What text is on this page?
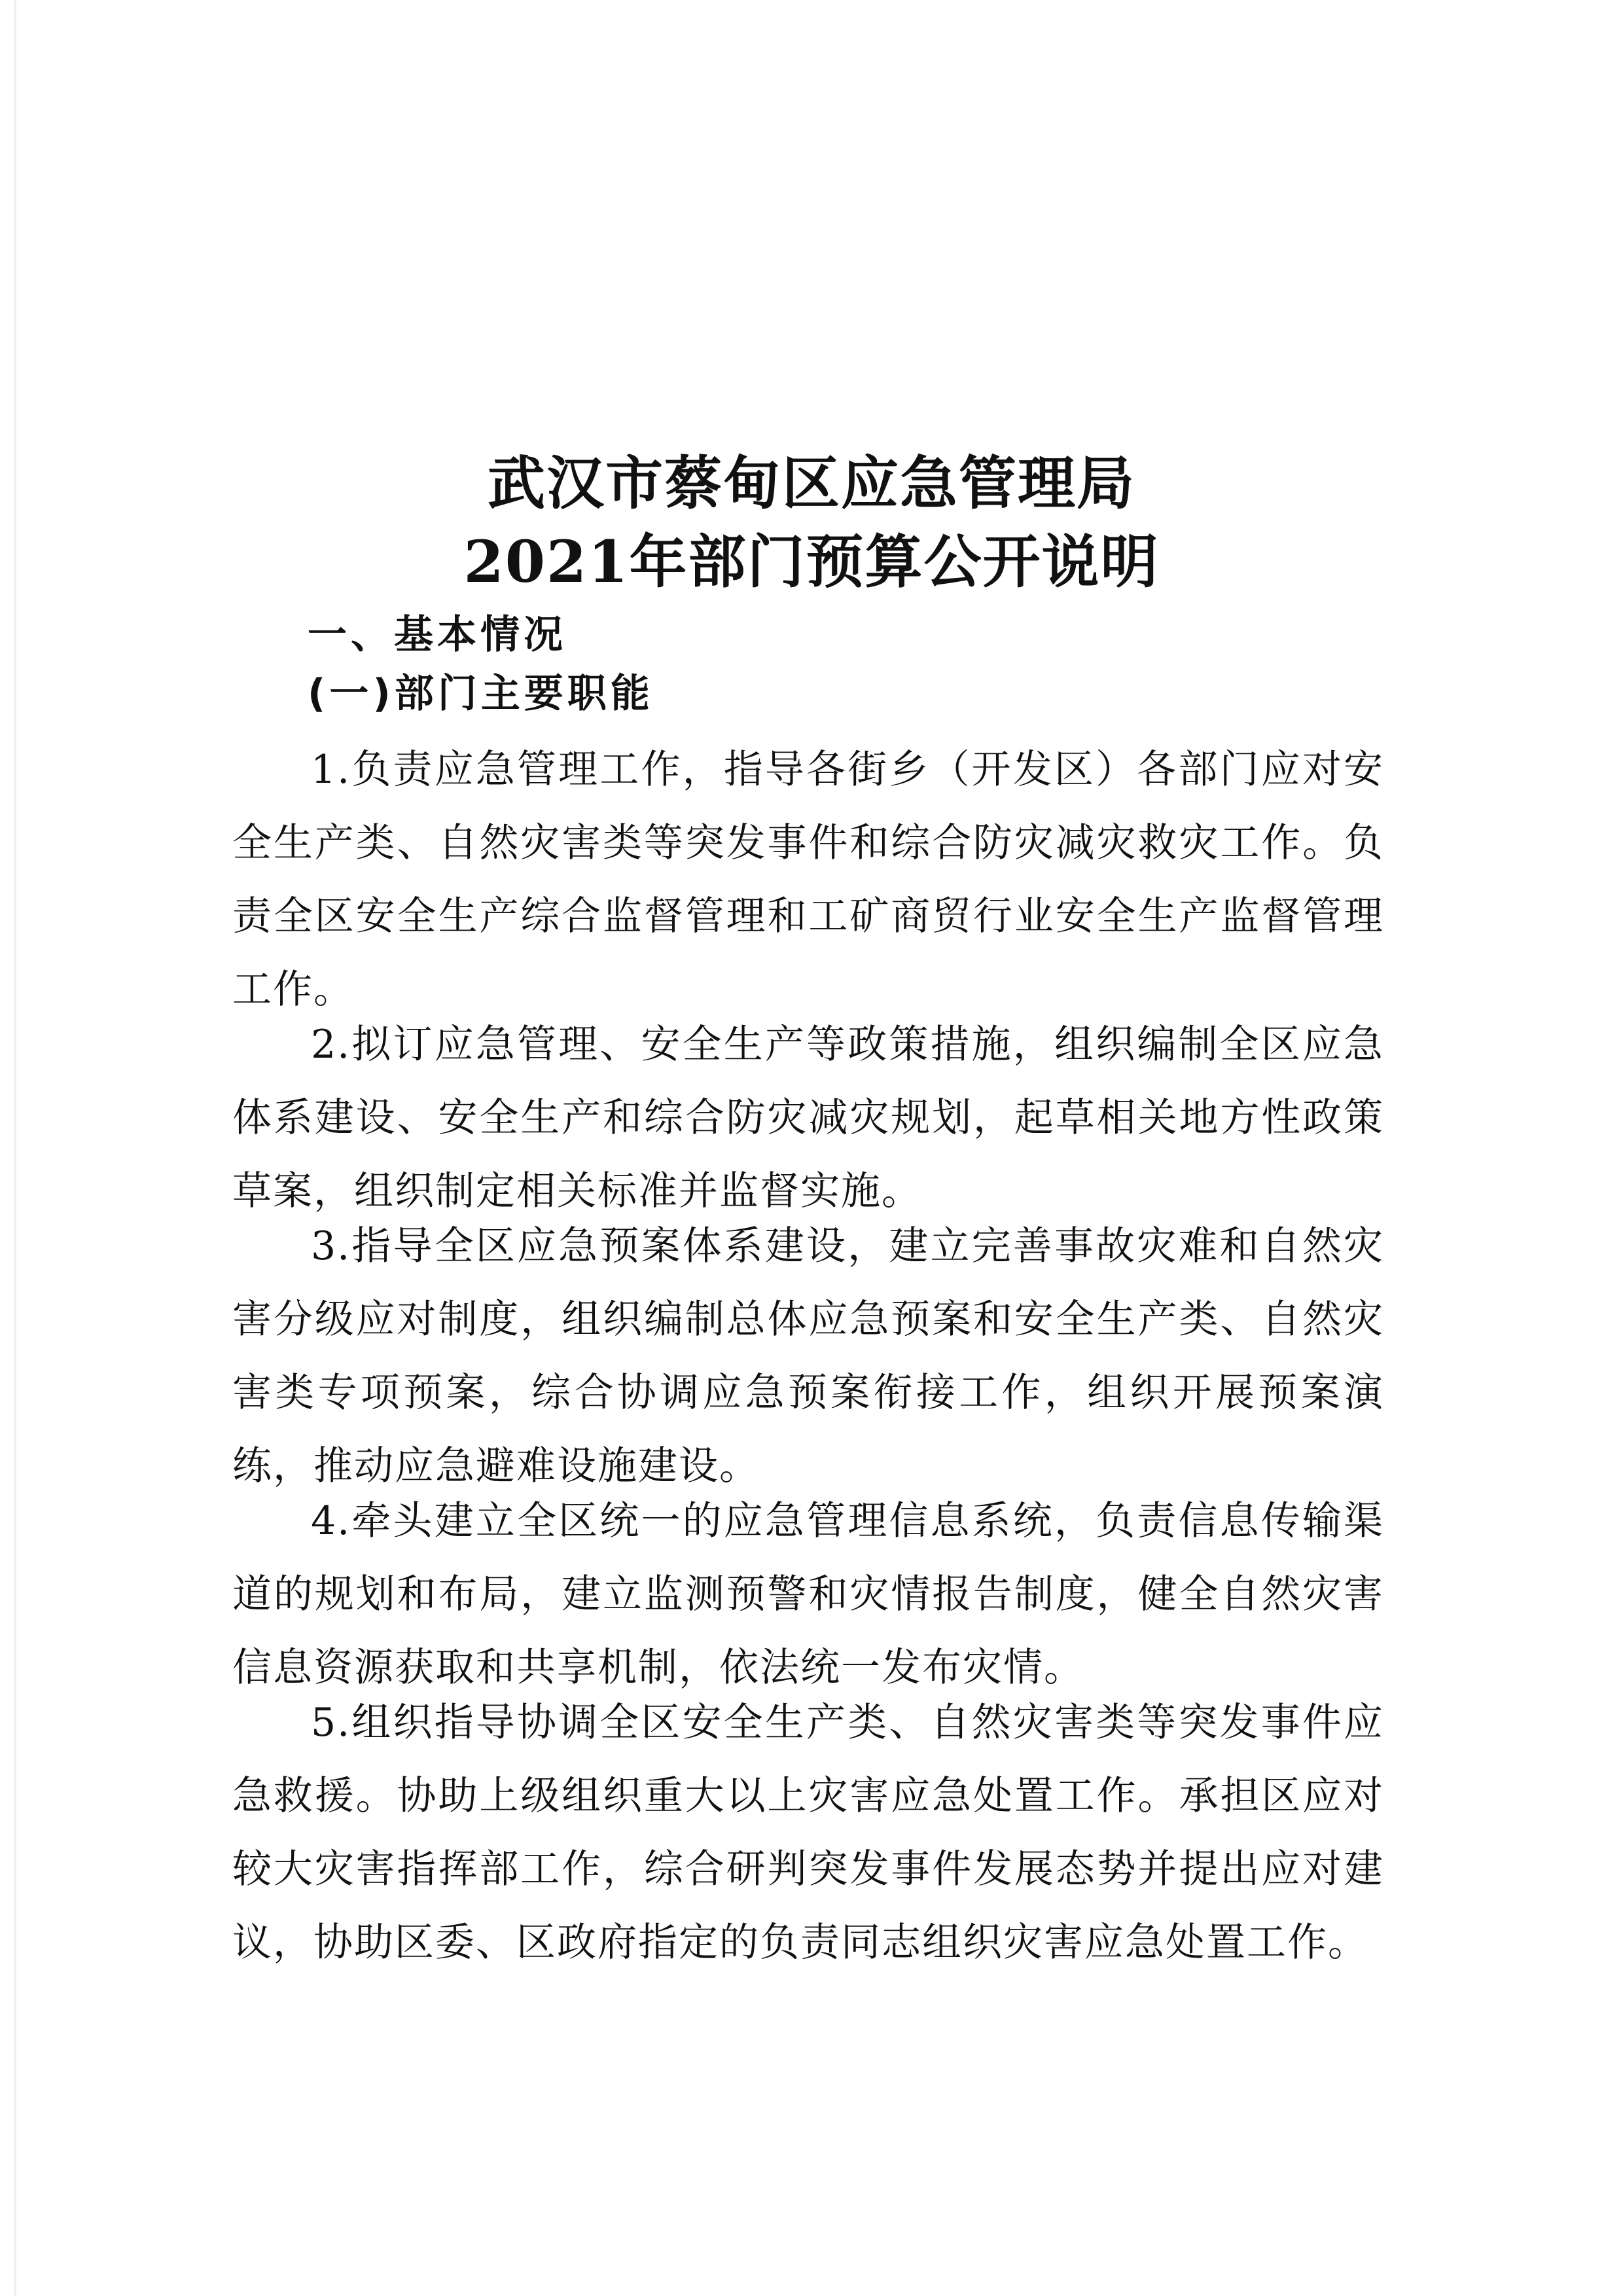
武汉市蔡甸区应急管理局
2021年部门预算公开说明
一、基本情况
(一)部门主要职能

1.负责应急管理工作，指导各街乡（开发区）各部门应对安全生产类、自然灾害类等突发事件和综合防灾减灾救灾工作。负责全区安全生产综合监督管理和工矿商贸行业安全生产监督管理工作。

2.拟订应急管理、安全生产等政策措施，组织编制全区应急体系建设、安全生产和综合防灾减灾规划，起草相关地方性政策草案，组织制定相关标准并监督实施。

3.指导全区应急预案体系建设，建立完善事故灾难和自然灾害分级应对制度，组织编制总体应急预案和安全生产类、自然灾害类专项预案，综合协调应急预案衔接工作，组织开展预案演练，推动应急避难设施建设。

4.牵头建立全区统一的应急管理信息系统，负责信息传输渠道的规划和布局，建立监测预警和灾情报告制度，健全自然灾害信息资源获取和共享机制，依法统一发布灾情。

5.组织指导协调全区安全生产类、自然灾害类等突发事件应急救援。协助上级组织重大以上灾害应急处置工作。承担区应对较大灾害指挥部工作，综合研判突发事件发展态势并提出应对建议，协助区委、区政府指定的负责同志组织灾害应急处置工作。
